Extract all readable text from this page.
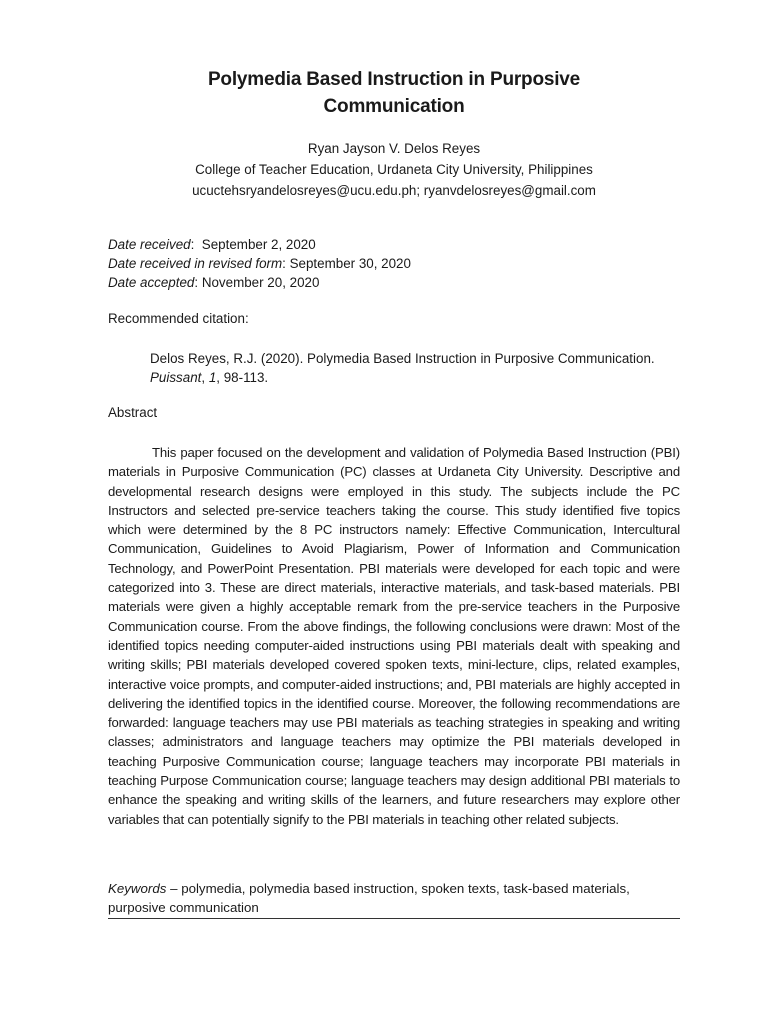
Polymedia Based Instruction in Purposive
Communication
Ryan Jayson V. Delos Reyes
College of Teacher Education, Urdaneta City University, Philippines
ucuctehsryandelosreyes@ucu.edu.ph; ryanvdelosreyes@gmail.com
Date received:  September 2, 2020
Date received in revised form: September 30, 2020
Date accepted: November 20, 2020
Recommended citation:
Delos Reyes, R.J. (2020). Polymedia Based Instruction in Purposive Communication. Puissant, 1, 98-113.
Abstract
This paper focused on the development and validation of Polymedia Based Instruction (PBI) materials in Purposive Communication (PC) classes at Urdaneta City University. Descriptive and developmental research designs were employed in this study. The subjects include the PC Instructors and selected pre-service teachers taking the course. This study identified five topics which were determined by the 8 PC instructors namely: Effective Communication, Intercultural Communication, Guidelines to Avoid Plagiarism, Power of Information and Communication Technology, and PowerPoint Presentation. PBI materials were developed for each topic and were categorized into 3. These are direct materials, interactive materials, and task-based materials. PBI materials were given a highly acceptable remark from the pre-service teachers in the Purposive Communication course. From the above findings, the following conclusions were drawn: Most of the identified topics needing computer-aided instructions using PBI materials dealt with speaking and writing skills; PBI materials developed covered spoken texts, mini-lecture, clips, related examples, interactive voice prompts, and computer-aided instructions; and, PBI materials are highly accepted in delivering the identified topics in the identified course. Moreover, the following recommendations are forwarded: language teachers may use PBI materials as teaching strategies in speaking and writing classes; administrators and language teachers may optimize the PBI materials developed in teaching Purposive Communication course; language teachers may incorporate PBI materials in teaching Purpose Communication course; language teachers may design additional PBI materials to enhance the speaking and writing skills of the learners, and future researchers may explore other variables that can potentially signify to the PBI materials in teaching other related subjects.
Keywords – polymedia, polymedia based instruction, spoken texts, task-based materials, purposive communication
